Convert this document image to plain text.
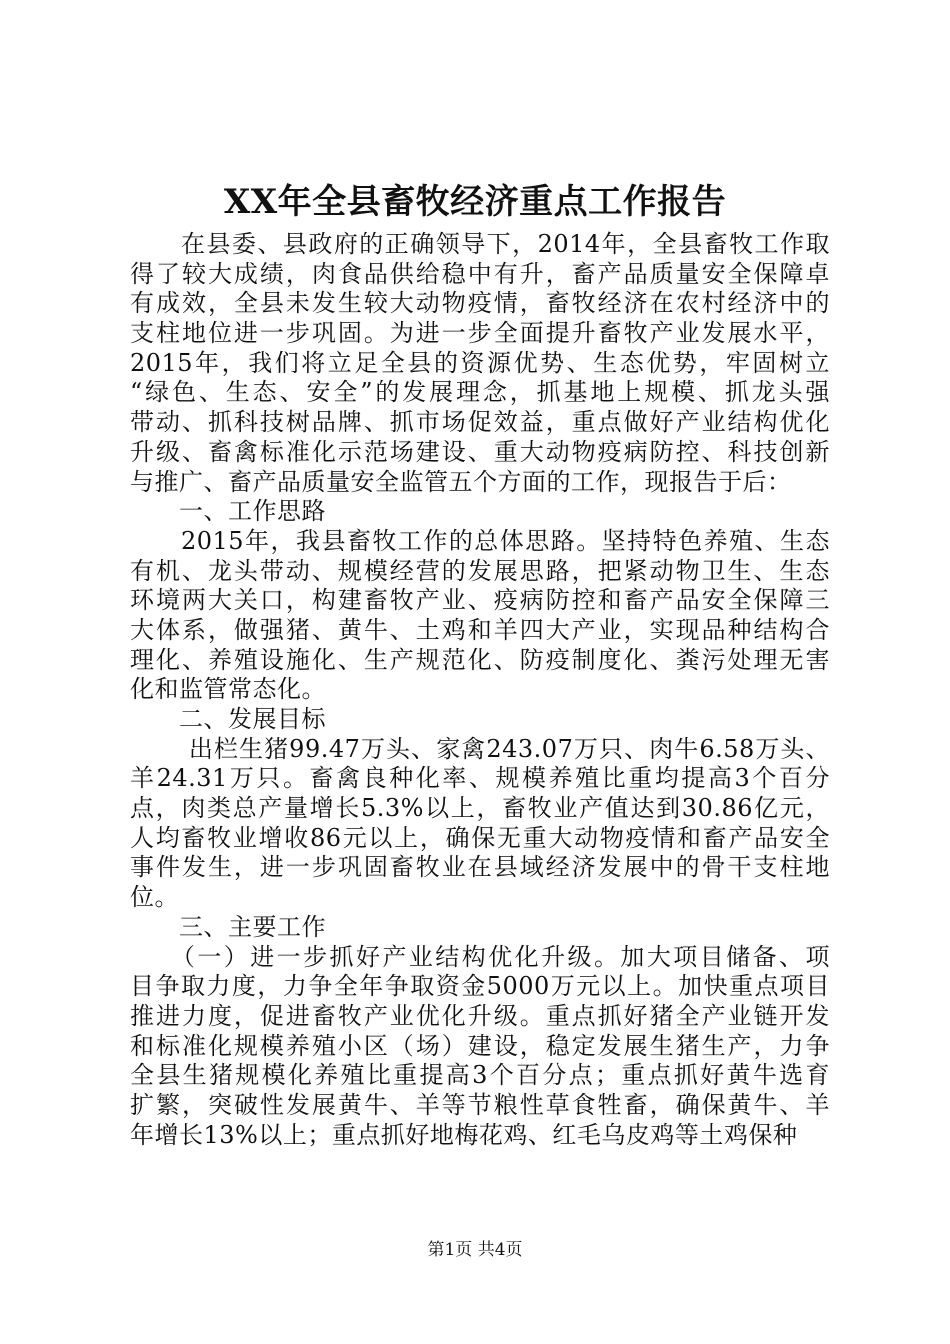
XX年全县畜牧经济重点工作报告
　　在县委、县政府的正确领导下，2014年，全县畜牧工作取
得了较大成绩，肉食品供给稳中有升，畜产品质量安全保障卓
有成效，全县未发生较大动物疫情，畜牧经济在农村经济中的
支柱地位进一步巩固。为进一步全面提升畜牧产业发展水平，
2015年，我们将立足全县的资源优势、生态优势，牢固树立
“绿色、生态、安全”的发展理念，抓基地上规模、抓龙头强
带动、抓科技树品牌、抓市场促效益，重点做好产业结构优化
升级、畜禽标准化示范场建设、重大动物疫病防控、科技创新
与推广、畜产品质量安全监管五个方面的工作，现报告于后：
　　一、工作思路
　　2015年，我县畜牧工作的总体思路。坚持特色养殖、生态
有机、龙头带动、规模经营的发展思路，把紧动物卫生、生态
环境两大关口，构建畜牧产业、疫病防控和畜产品安全保障三
大体系，做强猪、黄牛、土鸡和羊四大产业，实现品种结构合
理化、养殖设施化、生产规范化、防疫制度化、粪污处理无害
化和监管常态化。
　　二、发展目标
　　 出栏生猪99.47万头、家禽243.07万只、肉牛6.58万头、
羊24.31万只。畜禽良种化率、规模养殖比重均提高3个百分
点，肉类总产量增长5.3%以上，畜牧业产值达到30.86亿元，
人均畜牧业增收86元以上，确保无重大动物疫情和畜产品安全
事件发生，进一步巩固畜牧业在县域经济发展中的骨干支柱地
位。
　　三、主要工作
　　（一）进一步抓好产业结构优化升级。加大项目储备、项
目争取力度，力争全年争取资金5000万元以上。加快重点项目
推进力度，促进畜牧产业优化升级。重点抓好猪全产业链开发
和标准化规模养殖小区（场）建设，稳定发展生猪生产，力争
全县生猪规模化养殖比重提高3个百分点；重点抓好黄牛选育
扩繁，突破性发展黄牛、羊等节粮性草食牲畜，确保黄牛、羊
年增长13%以上；重点抓好地梅花鸡、红毛乌皮鸡等土鸡保种
第1页 共4页
